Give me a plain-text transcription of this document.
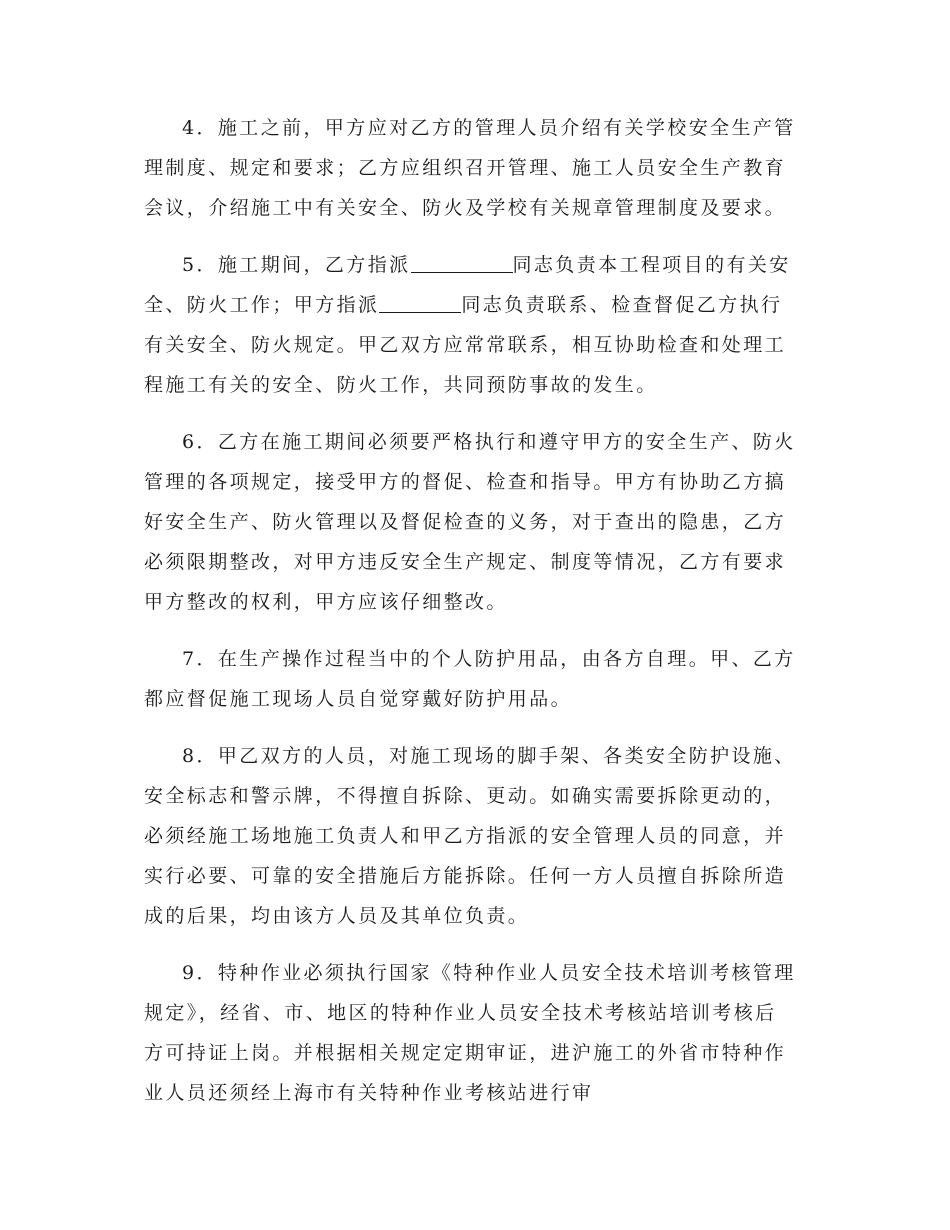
4．施工之前，甲方应对乙方的管理人员介绍有关学校安全生产管
理制度、规定和要求；乙方应组织召开管理、施工人员安全生产教育
会议，介绍施工中有关安全、防火及学校有关规章管理制度及要求。

5．施工期间，乙方指派	同志负责本工程项目的有关安
全、防火工作；甲方指派	同志负责联系、检查督促乙方执行
有关安全、防火规定。甲乙双方应常常联系，相互协助检查和处理工
程施工有关的安全、防火工作，共同预防事故的发生。

6．乙方在施工期间必须要严格执行和遵守甲方的安全生产、防火
管理的各项规定，接受甲方的督促、检查和指导。甲方有协助乙方搞
好安全生产、防火管理以及督促检查的义务，对于查出的隐患，乙方
必须限期整改，对甲方违反安全生产规定、制度等情况，乙方有要求
甲方整改的权利，甲方应该仔细整改。

7．在生产操作过程当中的个人防护用品，由各方自理。甲、乙方
都应督促施工现场人员自觉穿戴好防护用品。

8．甲乙双方的人员，对施工现场的脚手架、各类安全防护设施、
安全标志和警示牌，不得擅自拆除、更动。如确实需要拆除更动的，
必须经施工场地施工负责人和甲乙方指派的安全管理人员的同意，并
实行必要、可靠的安全措施后方能拆除。任何一方人员擅自拆除所造
成的后果，均由该方人员及其单位负责。

9．特种作业必须执行国家《特种作业人员安全技术培训考核管理
规定》，经省、市、地区的特种作业人员安全技术考核站培训考核后
方可持证上岗。并根据相关规定定期审证，进沪施工的外省市特种作
业人员还须经上海市有关特种作业考核站进行审
